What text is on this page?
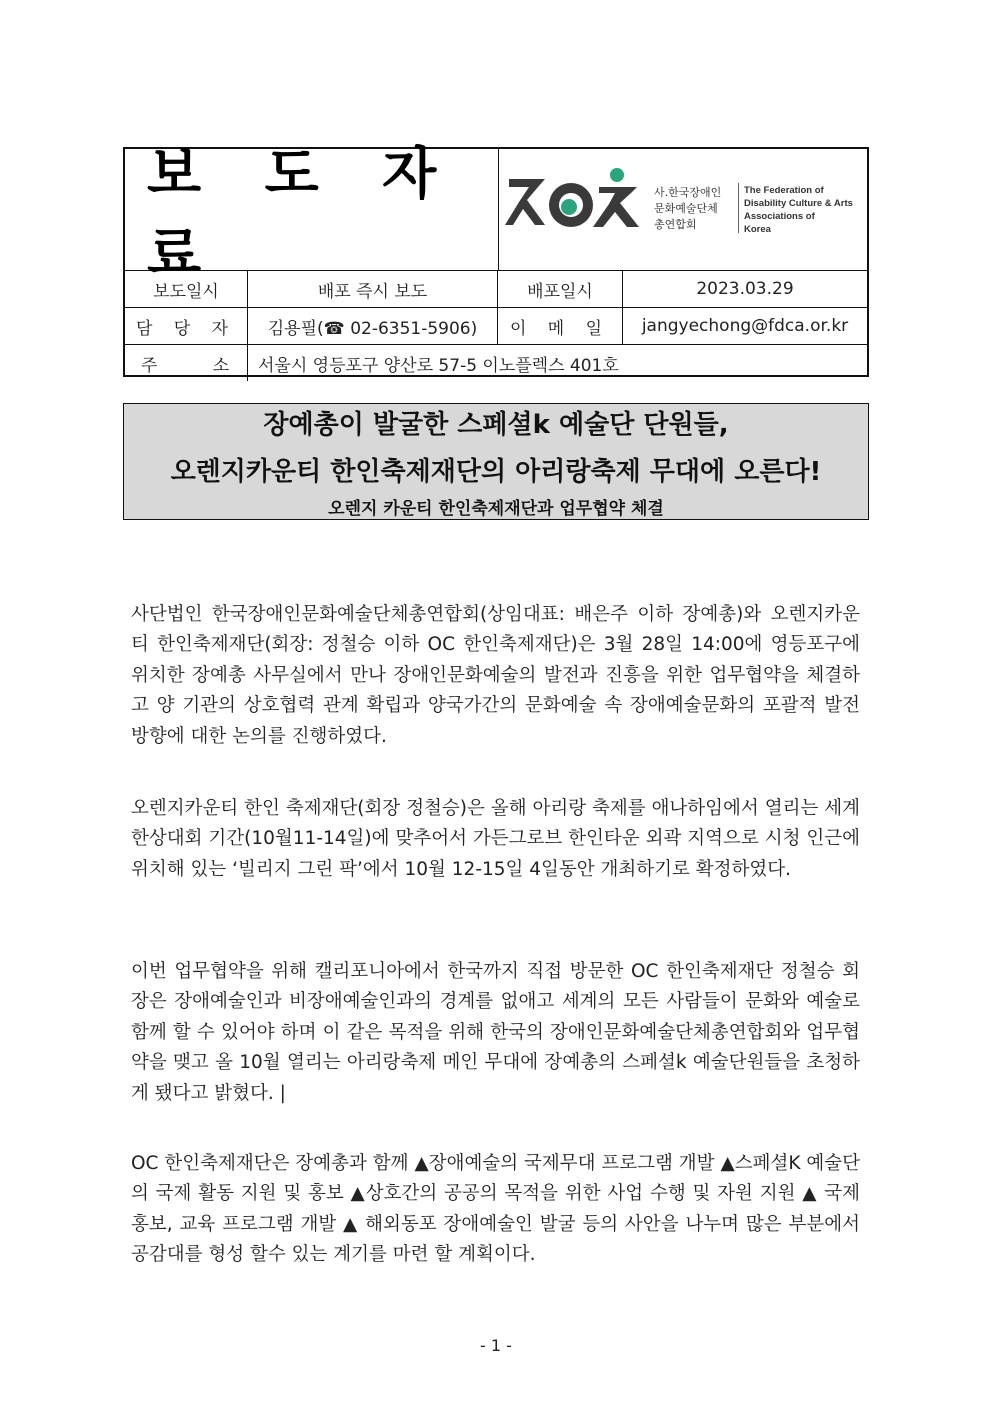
보 도 자 료
사.한국장애인
문화예술단체
총연합회
The Federation of
Disability Culture & Arts
Associations of
Korea
보도일시	배포 즉시 보도	배포일시	2023.03.29
담 당 자	김용필(☎ 02-6351-5906)	이 메 일	jangyechong@fdca.or.kr
주 소	서울시 영등포구 양산로 57-5 이노플렉스 401호
장예총이 발굴한 스페셜k 예술단 단원들,
오렌지카운티 한인축제재단의 아리랑축제 무대에 오른다!
오렌지 카운티 한인축제재단과 업무협약 체결
사단법인 한국장애인문화예술단체총연합회(상임대표: 배은주 이하 장예총)와 오렌지카운티 한인축제재단(회장: 정철승 이하 OC 한인축제재단)은 3월 28일 14:00에 영등포구에 위치한 장예총 사무실에서 만나 장애인문화예술의 발전과 진흥을 위한 업무협약을 체결하고 양 기관의 상호협력 관계 확립과 양국가간의 문화예술 속 장애예술문화의 포괄적 발전 방향에 대한 논의를 진행하였다.
오렌지카운티 한인 축제재단(회장 정철승)은 올해 아리랑 축제를 애나하임에서 열리는 세계한상대회 기간(10월11-14일)에 맞추어서 가든그로브 한인타운 외곽 지역으로 시청 인근에 위치해 있는 ‘빌리지 그린 팍’에서 10월 12-15일 4일동안 개최하기로 확정하였다.
이번 업무협약을 위해 캘리포니아에서 한국까지 직접 방문한 OC 한인축제재단 정철승 회장은 장애예술인과 비장애예술인과의 경계를 없애고 세계의 모든 사람들이 문화와 예술로 함께 할 수 있어야 하며 이 같은 목적을 위해 한국의 장애인문화예술단체총연합회와 업무협약을 맺고 올 10월 열리는 아리랑축제 메인 무대에 장예총의 스페셜k 예술단원들을 초청하게 됐다고 밝혔다. |
OC 한인축제재단은 장예총과 함께 ▲장애예술의 국제무대 프로그램 개발 ▲스페셜K 예술단의 국제 활동 지원 및 홍보 ▲상호간의 공공의 목적을 위한 사업 수행 및 자원 지원 ▲ 국제 홍보, 교육 프로그램 개발 ▲ 해외동포 장애예술인 발굴 등의 사안을 나누며 많은 부분에서 공감대를 형성 할수 있는 계기를 마련 할 계획이다.
- 1 -
